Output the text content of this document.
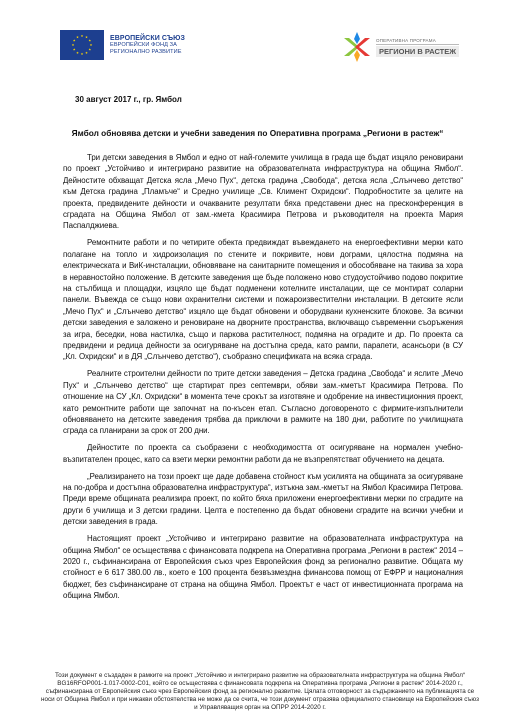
ЕВРОПЕЙСКИ СЪЮЗ
ЕВРОПЕЙСКИ ФОНД ЗА
РЕГИОНАЛНО РАЗВИТИЕ
ОПЕРАТИВНА ПРОГРАМА
РЕГИОНИ В РАСТЕЖ
30 август 2017 г., гр. Ямбол
Ямбол обновява детски и учебни заведения по Оперативна програма „Региони в растеж“

Три детски заведения в Ямбол и едно от най-големите училища в града ще бъдат изцяло реновирани по проект „Устойчиво и интегрирано развитие на образователната инфраструктура на община Ямбол“. Дейностите обхващат Детска ясла „Мечо Пух“, детска градина „Свобода“, детска ясла „Слънчево детство“ към Детска градина „Пламъче“ и Средно училище „Св. Климент Охридски“. Подробностите за целите на проекта, предвидените дейности и очакваните резултати бяха представени днес на пресконференция в сградата на Община Ямбол от зам.-кмета Красимира Петрова и ръководителя на проекта Мария Паспалджиева.

Ремонтните работи и по четирите обекта предвиждат въвеждането на енергоефективни мерки като полагане на топло и хидроизолация по стените и покривите, нови дограми, цялостна подмяна на електрическата и ВиК-инсталации, обновяване на санитарните помещения и обособяване на такива за хора в неравностойно положение. В детските заведения ще бъде положено ново студоустойчиво подово покритие на стълбища и площадки, изцяло ще бъдат подменени котелните инсталации, ще се монтират соларни панели. Въвежда се също нови охранителни системи и пожароизвестителни инсталации. В детските ясли „Мечо Пух“ и „Слънчево детство“ изцяло ще бъдат обновени и оборудвани кухненските блокове. За всички детски заведения е заложено и реновиране на дворните пространства, включващо съвременни съоръжения за игра, беседки, нова настилка, също и парковa растителност, подмяна на оградите и др. По проекта са предвидени и редица дейности за осигуряване на достъпна среда, като рампи, парапети, асансьори (в СУ „Кл. Охридски“ и в ДЯ „Слънчево детство“), съобразно спецификата на всяка сграда.

Реалните строителни дейности по трите детски заведения – Детска градина „Свобода“ и яслите „Мечо Пух“ и „Слънчево детство“ ще стартират през септември, обяви зам.-кметът Красимира Петрова. По отношение на СУ „Кл. Охридски“ в момента тече срокът за изготвяне и одобрение на инвестиционния проект, като ремонтните работи ще започнат на по-късен етап. Съгласно договореното с фирмите-изпълнители обновяването на детските заведения трябва да приключи в рамките на 180 дни, работите по училищната сграда са планирани за срок от 200 дни.

Дейностите по проекта са съобразени с необходимостта от осигуряване на нормален учебно-възпитателен процес, като са взети мерки ремонтни работи да не възпрепятстват обучението на децата.

„Реализирането на този проект ще даде добавена стойност към усилията на общината за осигуряване на по-добра и достъпна образователна инфраструктура“, изтъкна зам.-кметът на Ямбол Красимира Петрова. Преди време общината реализира проект, по който бяха приложени енергоефективни мерки по сградите на други 6 училища и 3 детски градини. Целта е постепенно да бъдат обновени сградите на всички учебни и детски заведения в града.

Настоящият проект „Устойчиво и интегрирано развитие на образователната инфраструктура на община Ямбол“ се осъществява с финансовата подкрепа на Оперативна програма „Региони в растеж“ 2014 – 2020 г., съфинансирана от Европейския съюз чрез Европейския фонд за регионално развитие. Общата му стойност е 6 617 380.00 лв., което е 100 процента безвъзмездна финансова помощ от ЕФРР и националния бюджет, без съфинансиране от страна на община Ямбол. Проектът е част от инвестиционната програма на община Ямбол.

Този документ е създаден в рамките на проект „Устойчиво и интегрирано развитие на образователната инфраструктура на община Ямбол“ BG16RFOP001-1.017-0002-C01, който се осъществява с финансовата подкрепа на Оперативна програма „Региони в растеж“ 2014-2020 г., съфинансирана от Европейския съюз чрез Европейския фонд за регионално развитие. Цялата отговорност за съдържанието на публикацията се носи от Община Ямбол и при никакви обстоятелства не може да се счита, че този документ отразява официалното становище на Европейския съюз и Управляващия орган на ОПРР 2014-2020 г.
